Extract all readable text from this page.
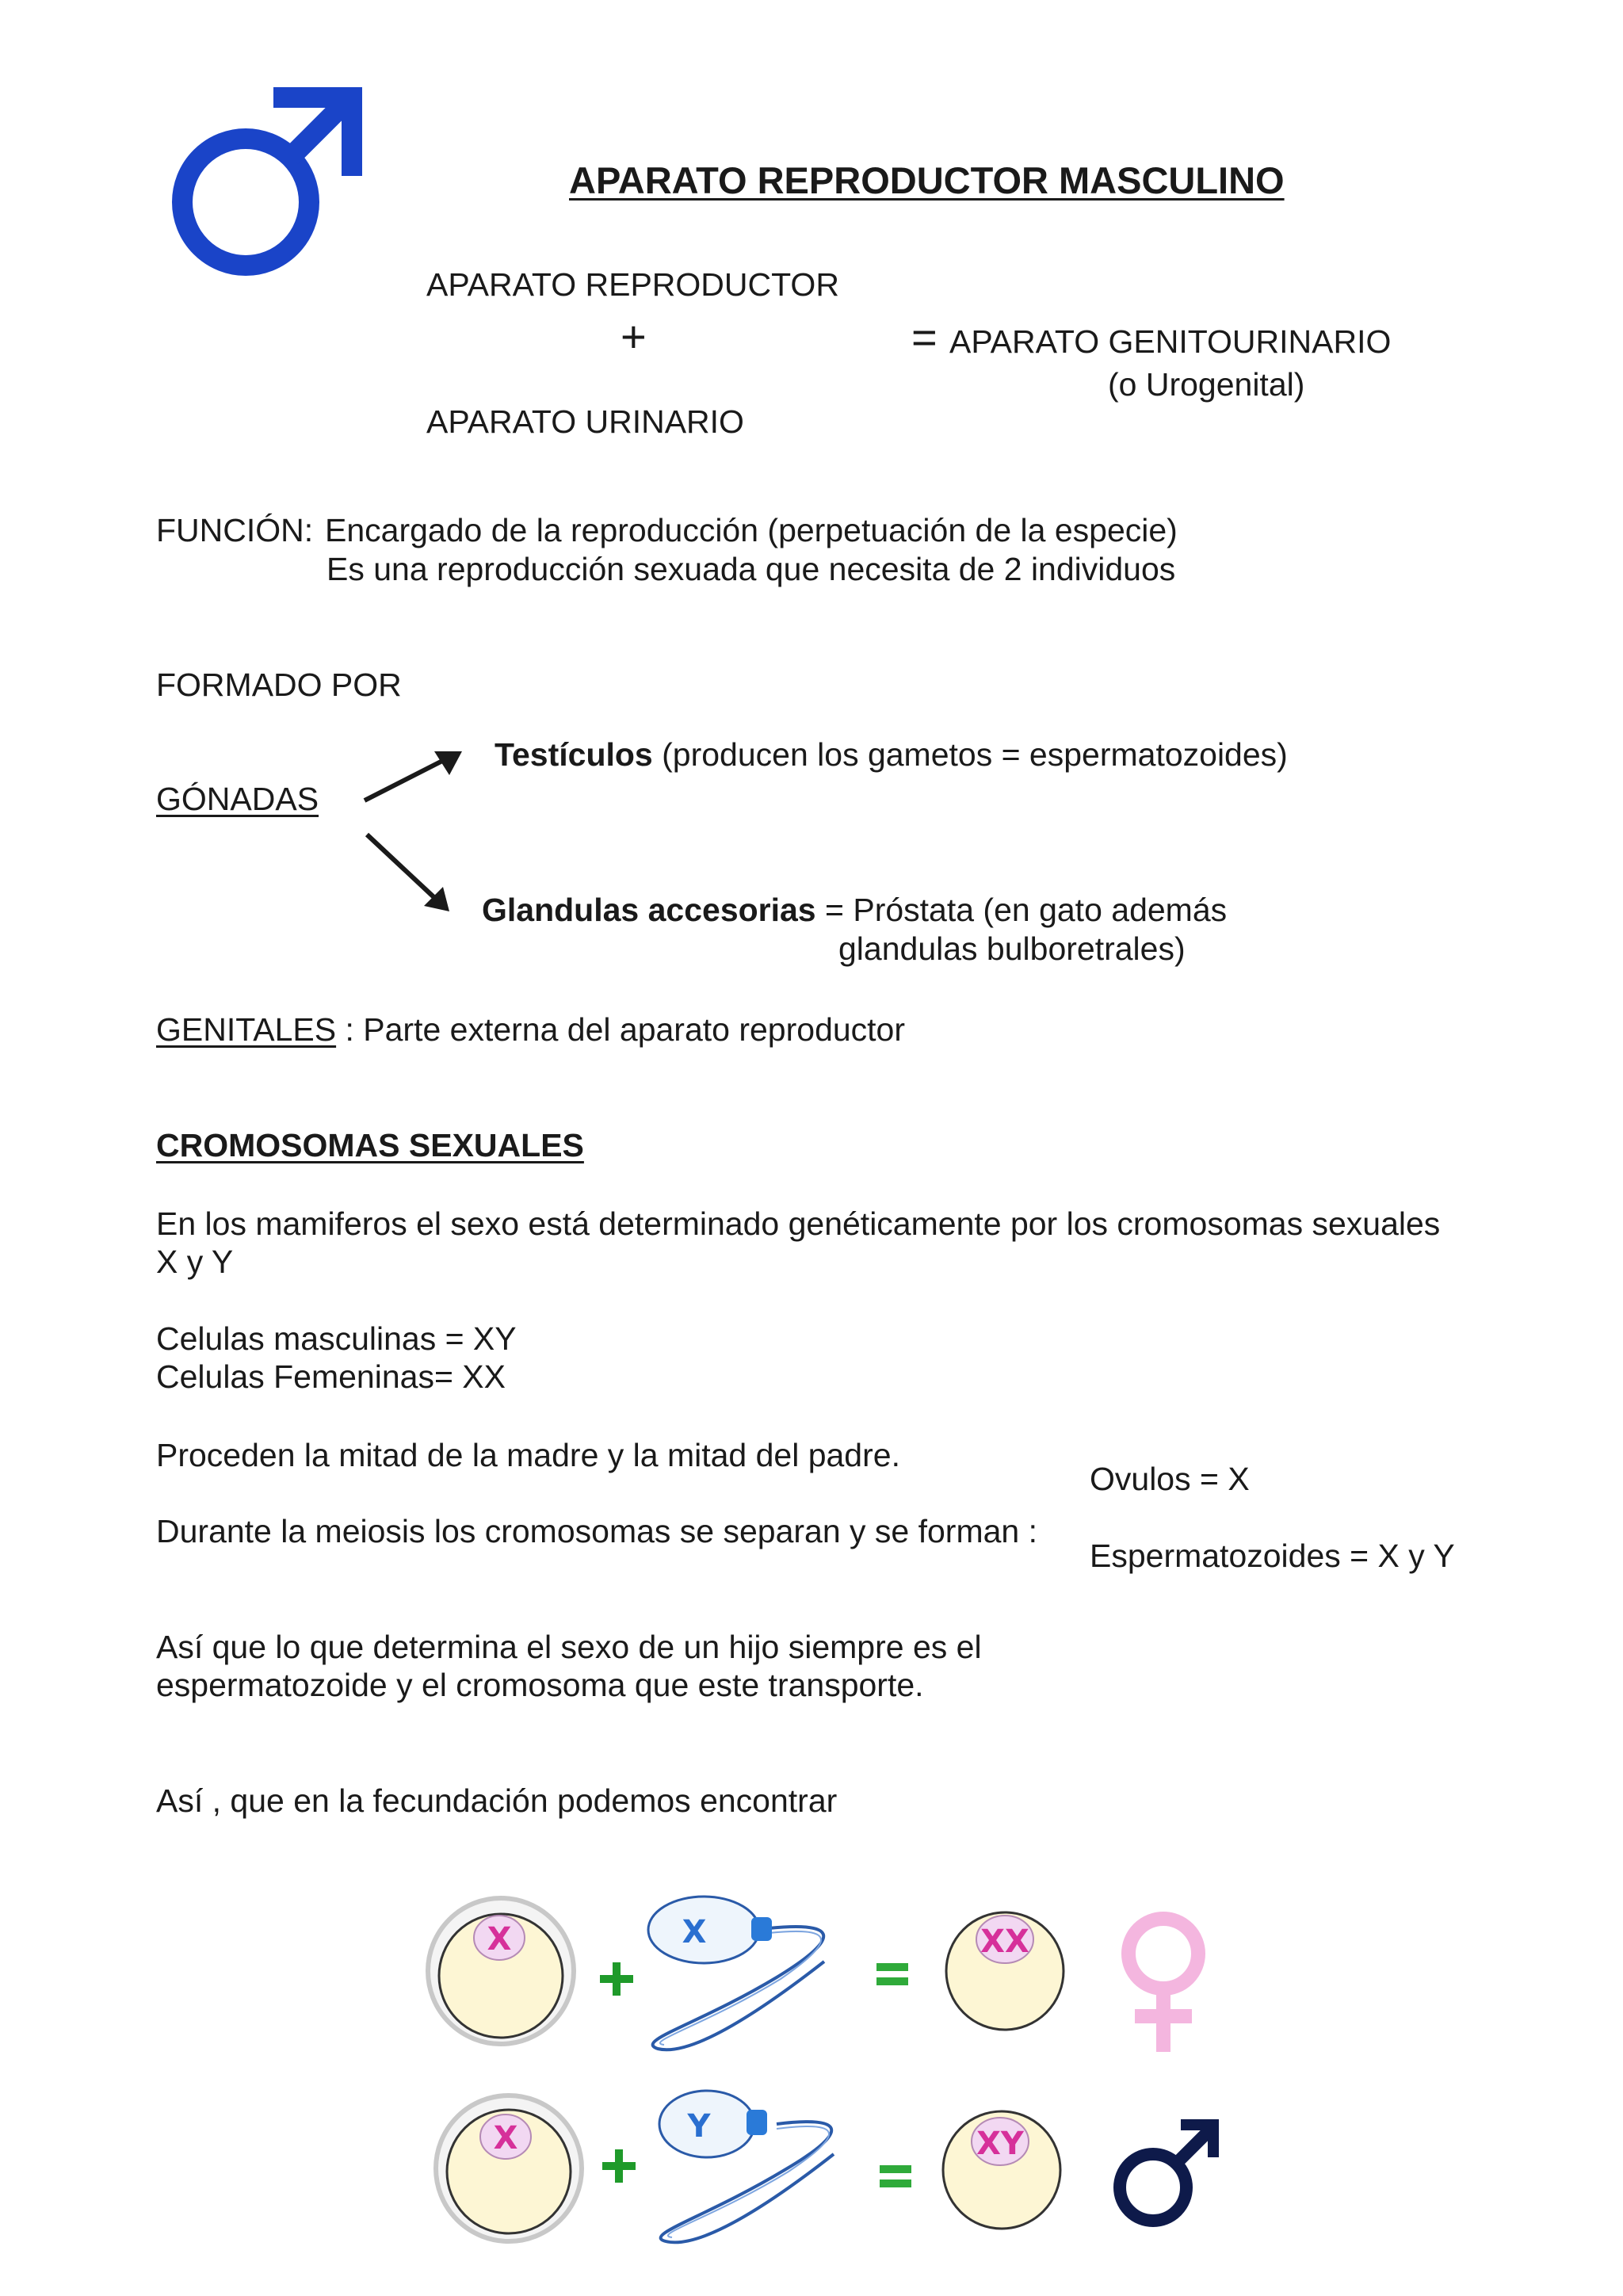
APARATO REPRODUCTOR MASCULINO
APARATO REPRODUCTOR
+
APARATO URINARIO
= APARATO GENITOURINARIO
(o Urogenital)
FUNCIÓN: Encargado de la reproducción (perpetuación de la especie)
Es una reproducción sexuada que necesita de 2 individuos
FORMADO POR
GÓNADAS
Testículos (producen los gametos = espermatozoides)
Glandulas accesorias = Próstata (en gato además
glandulas bulboretrales)
GENITALES : Parte externa del aparato reproductor
CROMOSOMAS SEXUALES
En los mamiferos el sexo está determinado genéticamente por los cromosomas sexuales
X y Y
Celulas masculinas = XY
Celulas Femeninas= XX
Proceden la mitad de la madre y la mitad del padre.
Ovulos = X
Durante la meiosis los cromosomas se separan y se forman :
Espermatozoides = X y Y
Así que lo que determina el sexo de un hijo siempre es el
espermatozoide y el cromosoma que este transporte.
Así , que en la fecundación podemos encontrar
X	X	XX
X	Y	XY
